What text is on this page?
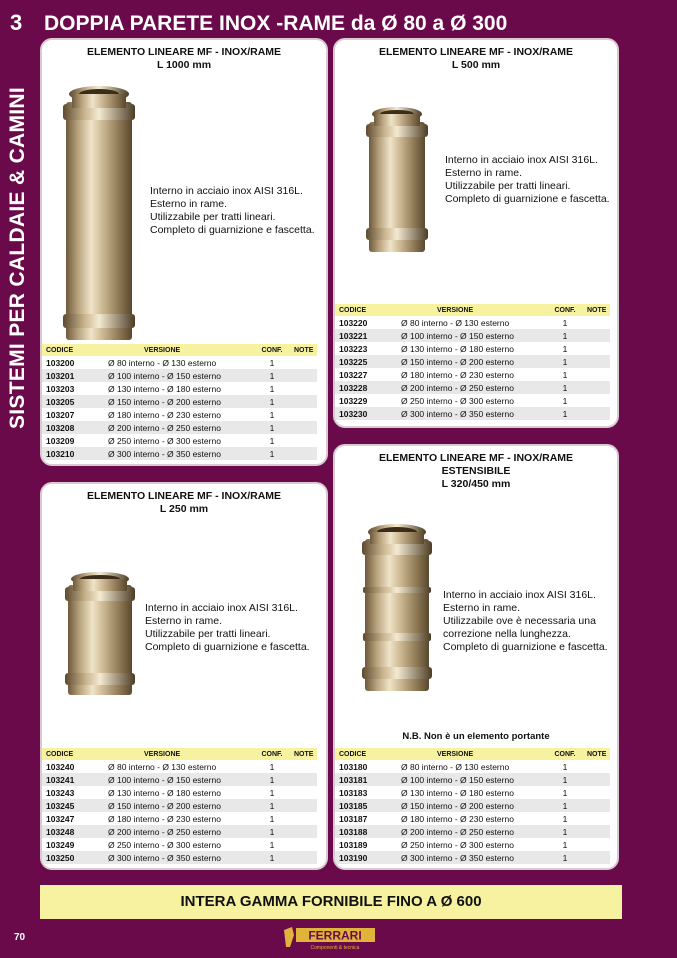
3
SISTEMI PER CALDAIE & CAMINI
DOPPIA PARETE INOX -RAME da Ø 80 a Ø 300
ELEMENTO LINEARE MF - INOX/RAME
L 1000 mm
Interno in acciaio inox AISI 316L.
Esterno in rame.
Utilizzabile per tratti lineari.
Completo di guarnizione e fascetta.
CODICE	VERSIONE	CONF.	NOTE
103200	Ø 80 interno - Ø 130 esterno	1	
103201	Ø 100 interno - Ø 150 esterno	1	
103203	Ø 130 interno - Ø 180 esterno	1	
103205	Ø 150 interno - Ø 200 esterno	1	
103207	Ø 180 interno - Ø 230 esterno	1	
103208	Ø 200 interno - Ø 250 esterno	1	
103209	Ø 250 interno - Ø 300 esterno	1	
103210	Ø 300 interno - Ø 350 esterno	1	
ELEMENTO LINEARE MF - INOX/RAME
L 500 mm
Interno in acciaio inox AISI 316L.
Esterno in rame.
Utilizzabile per tratti lineari.
Completo di guarnizione e fascetta.
CODICE	VERSIONE	CONF.	NOTE
103220	Ø 80 interno - Ø 130 esterno	1	
103221	Ø 100 interno - Ø 150 esterno	1	
103223	Ø 130 interno - Ø 180 esterno	1	
103225	Ø 150 interno - Ø 200 esterno	1	
103227	Ø 180 interno - Ø 230 esterno	1	
103228	Ø 200 interno - Ø 250 esterno	1	
103229	Ø 250 interno - Ø 300 esterno	1	
103230	Ø 300 interno - Ø 350 esterno	1	
ELEMENTO LINEARE MF - INOX/RAME
L 250 mm
Interno in acciaio inox AISI 316L.
Esterno in rame.
Utilizzabile per tratti lineari.
Completo di guarnizione e fascetta.
CODICE	VERSIONE	CONF.	NOTE
103240	Ø 80 interno - Ø 130 esterno	1	
103241	Ø 100 interno - Ø 150 esterno	1	
103243	Ø 130 interno - Ø 180 esterno	1	
103245	Ø 150 interno - Ø 200 esterno	1	
103247	Ø 180 interno - Ø 230 esterno	1	
103248	Ø 200 interno - Ø 250 esterno	1	
103249	Ø 250 interno - Ø 300 esterno	1	
103250	Ø 300 interno - Ø 350 esterno	1	
ELEMENTO LINEARE MF - INOX/RAME
ESTENSIBILE
L 320/450 mm
Interno in acciaio inox AISI 316L.
Esterno in rame.
Utilizzabile ove è necessaria una
correzione nella lunghezza.
Completo di guarnizione e fascetta.
N.B. Non è un elemento portante
CODICE	VERSIONE	CONF.	NOTE
103180	Ø 80 interno - Ø 130 esterno	1	
103181	Ø 100 interno - Ø 150 esterno	1	
103183	Ø 130 interno - Ø 180 esterno	1	
103185	Ø 150 interno - Ø 200 esterno	1	
103187	Ø 180 interno - Ø 230 esterno	1	
103188	Ø 200 interno - Ø 250 esterno	1	
103189	Ø 250 interno - Ø 300 esterno	1	
103190	Ø 300 interno - Ø 350 esterno	1	
INTERA GAMMA FORNIBILE FINO A Ø 600
70	FERRARI
Componenti & tecnica
